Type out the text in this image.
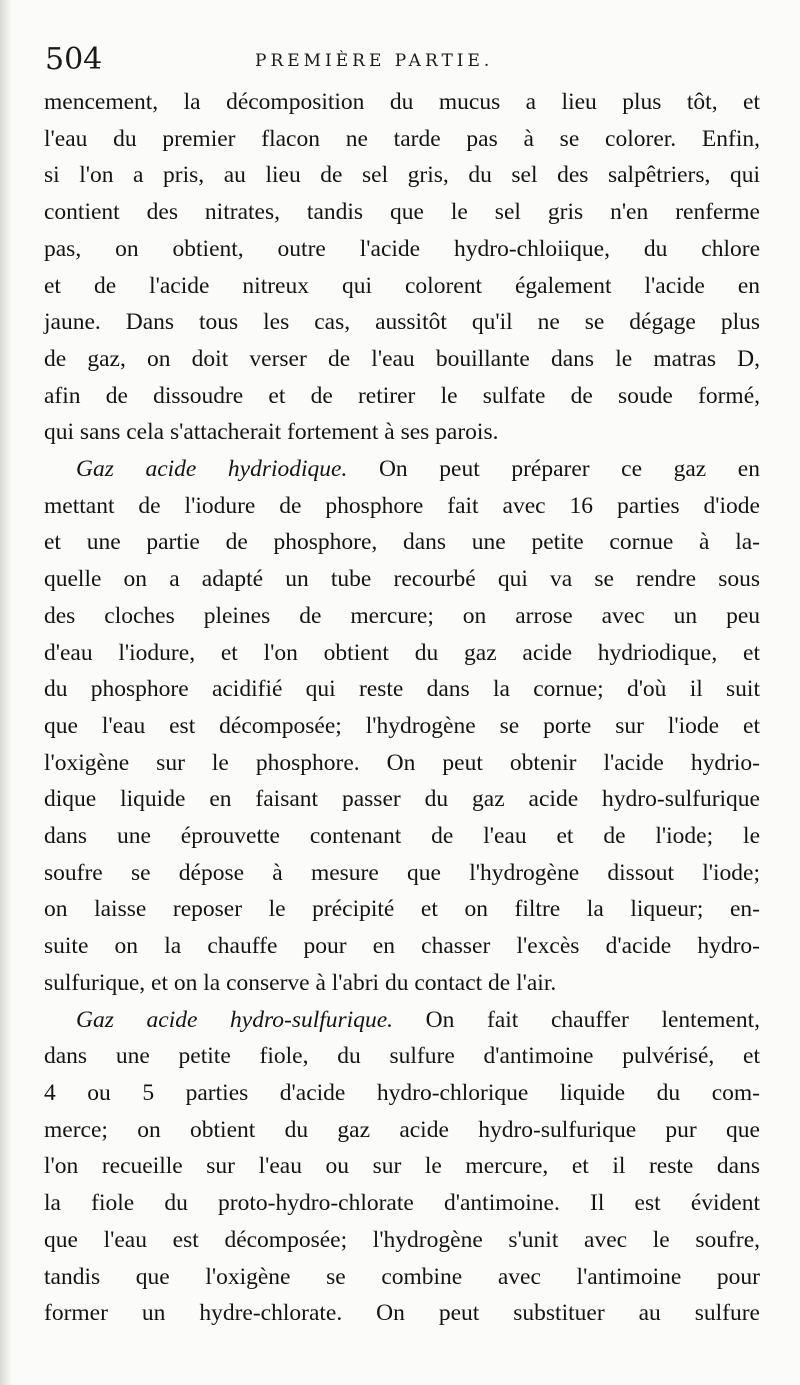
504	PREMIÈRE PARTIE.
mencement, la décomposition du mucus a lieu plus tôt, et
l'eau du premier flacon ne tarde pas à se colorer. Enfin,
si l'on a pris, au lieu de sel gris, du sel des salpêtriers, qui
contient des nitrates, tandis que le sel gris n'en renferme
pas, on obtient, outre l'acide hydro-chloiique, du chlore
et de l'acide nitreux qui colorent également l'acide en
jaune. Dans tous les cas, aussitôt qu'il ne se dégage plus
de gaz, on doit verser de l'eau bouillante dans le matras D,
afin de dissoudre et de retirer le sulfate de soude formé,
qui sans cela s'attacherait fortement à ses parois.
Gaz acide hydriodique. On peut préparer ce gaz en
mettant de l'iodure de phosphore fait avec 16 parties d'iode
et une partie de phosphore, dans une petite cornue à la-
quelle on a adapté un tube recourbé qui va se rendre sous
des cloches pleines de mercure; on arrose avec un peu
d'eau l'iodure, et l'on obtient du gaz acide hydriodique, et
du phosphore acidifié qui reste dans la cornue; d'où il suit
que l'eau est décomposée; l'hydrogène se porte sur l'iode et
l'oxigène sur le phosphore. On peut obtenir l'acide hydrio-
dique liquide en faisant passer du gaz acide hydro-sulfurique
dans une éprouvette contenant de l'eau et de l'iode; le
soufre se dépose à mesure que l'hydrogène dissout l'iode;
on laisse reposer le précipité et on filtre la liqueur; en-
suite on la chauffe pour en chasser l'excès d'acide hydro-
sulfurique, et on la conserve à l'abri du contact de l'air.
Gaz acide hydro-sulfurique. On fait chauffer lentement,
dans une petite fiole, du sulfure d'antimoine pulvérisé, et
4 ou 5 parties d'acide hydro-chlorique liquide du com-
merce; on obtient du gaz acide hydro-sulfurique pur que
l'on recueille sur l'eau ou sur le mercure, et il reste dans
la fiole du proto-hydro-chlorate d'antimoine. Il est évident
que l'eau est décomposée; l'hydrogène s'unit avec le soufre,
tandis que l'oxigène se combine avec l'antimoine pour
former un hydre-chlorate. On peut substituer au sulfure
